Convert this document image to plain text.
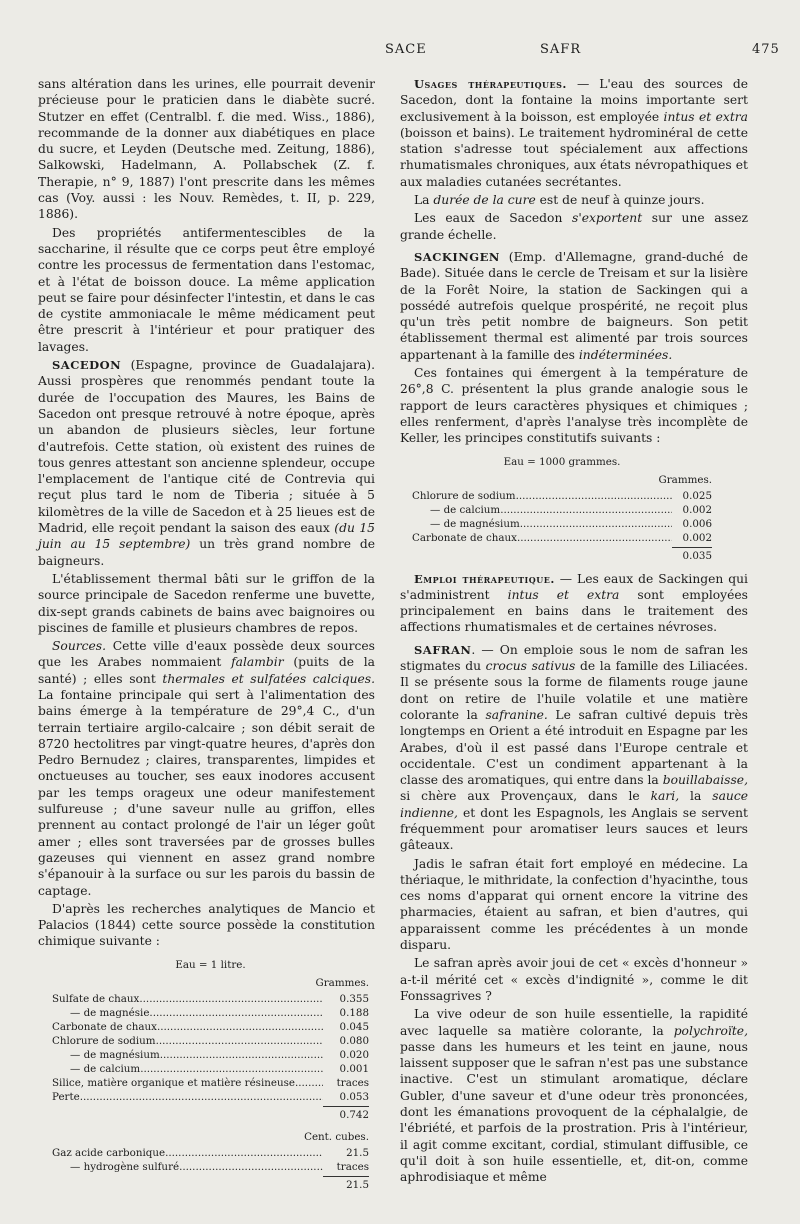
SACE	SAFR	475

sans altération dans les urines, elle pourrait devenir précieuse pour le praticien dans le diabète sucré. Stutzer en effet (Centralbl. f. die med. Wiss., 1886), recommande de la donner aux diabétiques en place du sucre, et Leyden (Deutsche med. Zeitung, 1886), Salkowski, Hadelmann, A. Pollabschek (Z. f. Therapie, n° 9, 1887) l'ont prescrite dans les mêmes cas (Voy. aussi : les Nouv. Remèdes, t. II, p. 229, 1886).

Des propriétés antifermentescibles de la saccharine, il résulte que ce corps peut être employé contre les processus de fermentation dans l'estomac, et à l'état de boisson douce. La même application peut se faire pour désinfecter l'intestin, et dans le cas de cystite ammoniacale le même médicament peut être prescrit à l'intérieur et pour pratiquer des lavages.

SACEDON (Espagne, province de Guadalajara). Aussi prospères que renommés pendant toute la durée de l'occupation des Maures, les Bains de Sacedon ont presque retrouvé à notre époque, après un abandon de plusieurs siècles, leur fortune d'autrefois. Cette station, où existent des ruines de tous genres attestant son ancienne splendeur, occupe l'emplacement de l'antique cité de Contrevia qui reçut plus tard le nom de Tiberia ; située à 5 kilomètres de la ville de Sacedon et à 25 lieues est de Madrid, elle reçoit pendant la saison des eaux (du 15 juin au 15 septembre) un très grand nombre de baigneurs.

L'établissement thermal bâti sur le griffon de la source principale de Sacedon renferme une buvette, dix-sept grands cabinets de bains avec baignoires ou piscines de famille et plusieurs chambres de repos.

Sources. Cette ville d'eaux possède deux sources que les Arabes nommaient falambir (puits de la santé) ; elles sont thermales et sulfatées calciques. La fontaine principale qui sert à l'alimentation des bains émerge à la température de 29°,4 C., d'un terrain tertiaire argilo-calcaire ; son débit serait de 8720 hectolitres par vingt-quatre heures, d'après don Pedro Bernudez ; claires, transparentes, limpides et onctueuses au toucher, ses eaux inodores accusent par les temps orageux une odeur manifestement sulfureuse ; d'une saveur nulle au griffon, elles prennent au contact prolongé de l'air un léger goût amer ; elles sont traversées par de grosses bulles gazeuses qui viennent en assez grand nombre s'épanouir à la surface ou sur les parois du bassin de captage.

D'après les recherches analytiques de Mancio et Palacios (1844) cette source possède la constitution chimique suivante :

Eau = 1 litre.
Grammes.
Sulfate de chaux .....	0.355
— de magnésie .....	0.188
Carbonate de chaux .....	0.045
Chlorure de sodium .....	0.080
— de magnésium .....	0.020
— de calcium .....	0.001
Silice, matière organique et matière résineuse .....	traces
Perte .....	0.053
0.742
Cent. cubes.
Gaz acide carbonique .....	21.5
— hydrogène sulfuré .....	traces
21.5

Usages thérapeutiques. — L'eau des sources de Sacedon, dont la fontaine la moins importante sert exclusivement à la boisson, est employée intus et extra (boisson et bains). Le traitement hydrominéral de cette station s'adresse tout spécialement aux affections rhumatismales chroniques, aux états névropathiques et aux maladies cutanées secrétantes.

La durée de la cure est de neuf à quinze jours.

Les eaux de Sacedon s'exportent sur une assez grande échelle.

SACKINGEN (Emp. d'Allemagne, grand-duché de Bade). Située dans le cercle de Treisam et sur la lisière de la Forêt Noire, la station de Sackingen qui a possédé autrefois quelque prospérité, ne reçoit plus qu'un très petit nombre de baigneurs. Son petit établissement thermal est alimenté par trois sources appartenant à la famille des indéterminées.

Ces fontaines qui émergent à la température de 26°,8 C. présentent la plus grande analogie sous le rapport de leurs caractères physiques et chimiques ; elles renferment, d'après l'analyse très incomplète de Keller, les principes constitutifs suivants :

Eau = 1000 grammes.
Grammes.
Chlorure de sodium .....	0.025
— de calcium .....	0.002
— de magnésium .....	0.006
Carbonate de chaux .....	0.002
0.035

Emploi thérapeutique. — Les eaux de Sackingen qui s'administrent intus et extra sont employées principalement en bains dans le traitement des affections rhumatismales et de certaines névroses.

SAFRAN. — On emploie sous le nom de safran les stigmates du crocus sativus de la famille des Liliacées. Il se présente sous la forme de filaments rouge jaune dont on retire de l'huile volatile et une matière colorante la safranine. Le safran cultivé depuis très longtemps en Orient a été introduit en Espagne par les Arabes, d'où il est passé dans l'Europe centrale et occidentale. C'est un condiment appartenant à la classe des aromatiques, qui entre dans la bouillabaisse, si chère aux Provençaux, dans le kari, la sauce indienne, et dont les Espagnols, les Anglais se servent fréquemment pour aromatiser leurs sauces et leurs gâteaux.

Jadis le safran était fort employé en médecine. La thériaque, le mithridate, la confection d'hyacinthe, tous ces noms d'apparat qui ornent encore la vitrine des pharmacies, étaient au safran, et bien d'autres, qui apparaissent comme les précédentes à un monde disparu.

Le safran après avoir joui de cet « excès d'honneur » a-t-il mérité cet « excès d'indignité », comme le dit Fonssagrives ?

La vive odeur de son huile essentielle, la rapidité avec laquelle sa matière colorante, la polychroïte, passe dans les humeurs et les teint en jaune, nous laissent supposer que le safran n'est pas une substance inactive. C'est un stimulant aromatique, déclare Gubler, d'une saveur et d'une odeur très prononcées, dont les émanations provoquent de la céphalalgie, de l'ébriété, et parfois de la prostration. Pris à l'intérieur, il agit comme excitant, cordial, stimulant diffusible, ce qu'il doit à son huile essentielle, et, dit-on, comme aphrodisiaque et même
